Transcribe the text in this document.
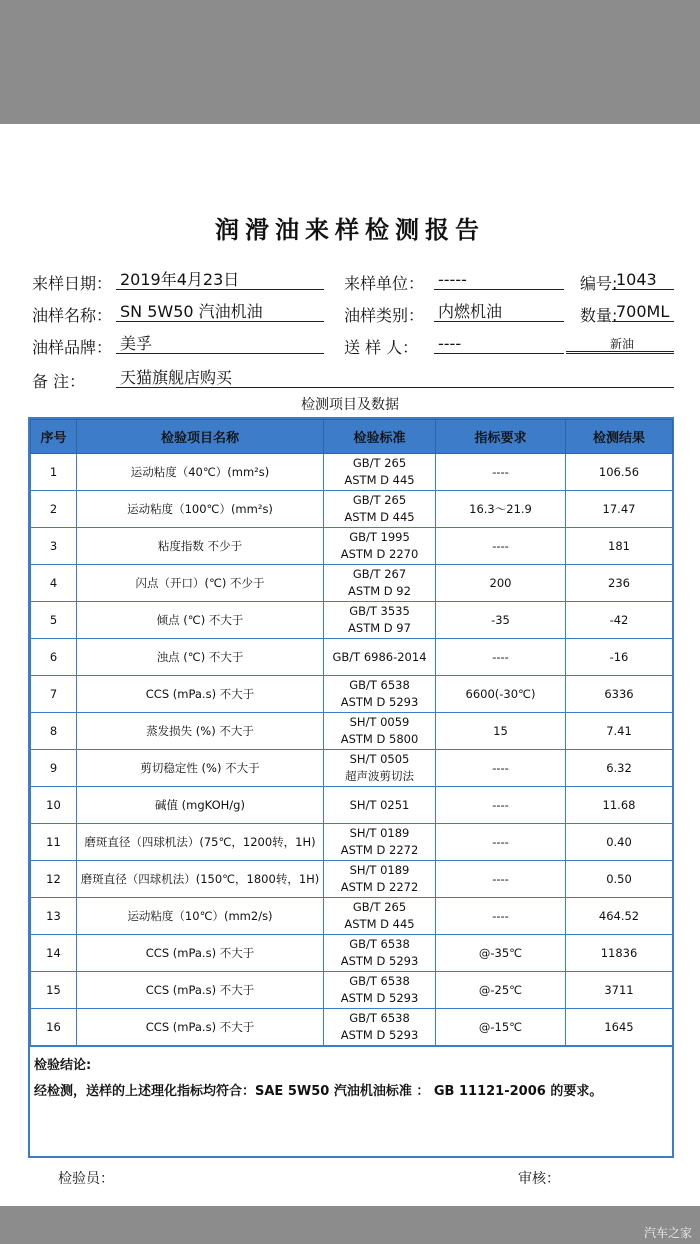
润滑油来样检测报告
来样日期： 2019年4月23日	来样单位： -----	编号:
1043
油样名称： SN 5W50 汽油机油	油样类别： 内燃机油	数量:
700ML
油样品牌： 美孚	送 样 人： ----	新油
备 注： 天猫旗舰店购买
检测项目及数据
序号	检验项目名称	检验标准	指标要求	检测结果
1	运动粘度（40℃）(mm²s)	GB/T 265
ASTM D 445	----	106.56
2	运动粘度（100℃）(mm²s)	GB/T 265
ASTM D 445	16.3～21.9	17.47
3	粘度指数 不少于	GB/T 1995
ASTM D 2270	----	181
4	闪点（开口）(℃) 不少于	GB/T 267
ASTM D 92	200	236
5	倾点 (℃) 不大于	GB/T 3535
ASTM D 97	-35	-42
6	浊点 (℃) 不大于	GB/T 6986-2014	----	-16
7	CCS (mPa.s) 不大于	GB/T 6538
ASTM D 5293	6600(-30℃)	6336
8	蒸发损失 (%) 不大于	SH/T 0059
ASTM D 5800	15	7.41
9	剪切稳定性 (%) 不大于	SH/T 0505
超声波剪切法	----	6.32
10	碱值 (mgKOH/g)	SH/T 0251	----	11.68
11	磨斑直径（四球机法）(75℃，1200转，1H)	SH/T 0189
ASTM D 2272	----	0.40
12	磨斑直径（四球机法）(150℃，1800转，1H)	SH/T 0189
ASTM D 2272	----	0.50
13	运动粘度（10℃）(mm2/s)	GB/T 265
ASTM D 445	----	464.52
14	CCS (mPa.s) 不大于	GB/T 6538
ASTM D 5293	@-35℃	11836
15	CCS (mPa.s) 不大于	GB/T 6538
ASTM D 5293	@-25℃	3711
16	CCS (mPa.s) 不大于	GB/T 6538
ASTM D 5293	@-15℃	1645
检验结论:
经检测，送样的上述理化指标均符合：SAE 5W50 汽油机油标准 ： GB 11121-2006 的要求。
检验员：	审核：
汽车之家
